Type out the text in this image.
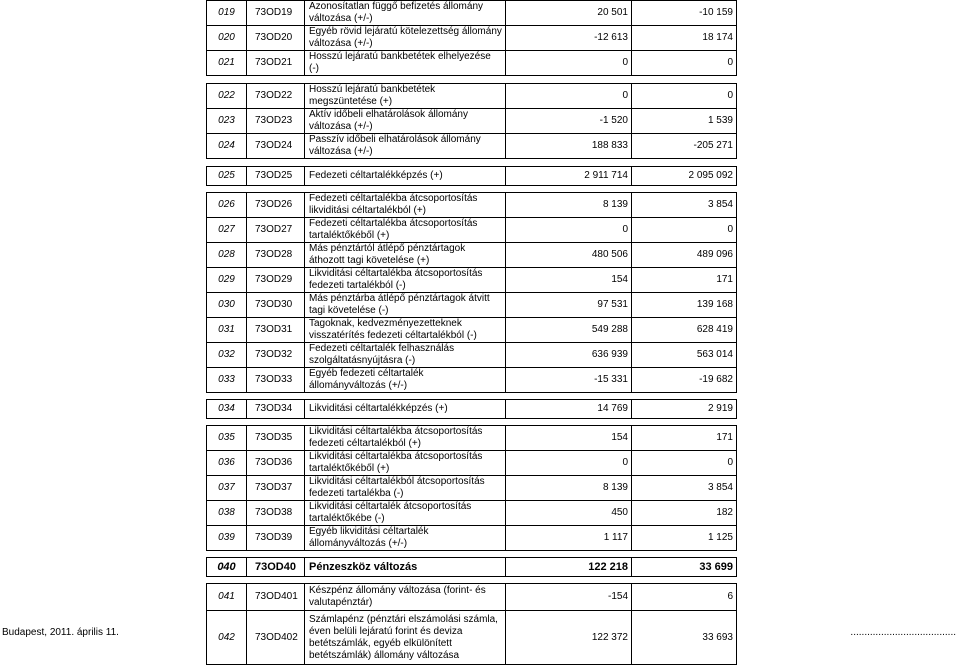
019	73OD19	Azonosítatlan függő befizetés állomány változása (+/-)	20 501	-10 159
020	73OD20	Egyéb rövid lejáratú kötelezettség állomány változása (+/-)	-12 613	18 174
021	73OD21	Hosszú lejáratú bankbetétek elhelyezése (-)	0	0

022	73OD22	Hosszú lejáratú bankbetétek megszüntetése (+)	0	0
023	73OD23	Aktív időbeli elhatárolások állomány változása (+/-)	-1 520	1 539
024	73OD24	Passzív időbeli elhatárolások állomány változása (+/-)	188 833	-205 271

025	73OD25	Fedezeti céltartalékképzés (+)	2 911 714	2 095 092

026	73OD26	Fedezeti céltartalékba átcsoportosítás likviditási céltartalékból (+)	8 139	3 854
027	73OD27	Fedezeti céltartalékba átcsoportosítás tartaléktőkéből (+)	0	0
028	73OD28	Más pénztártól átlépő pénztártagok áthozott tagi követelése (+)	480 506	489 096
029	73OD29	Likviditási céltartalékba átcsoportosítás fedezeti tartalékból (-)	154	171
030	73OD30	Más pénztárba átlépő pénztártagok átvitt tagi követelése (-)	97 531	139 168
031	73OD31	Tagoknak, kedvezményezetteknek visszatérítés fedezeti céltartalékból (-)	549 288	628 419
032	73OD32	Fedezeti céltartalék felhasználás szolgáltatásnyújtásra (-)	636 939	563 014
033	73OD33	Egyéb fedezeti céltartalék állományváltozás (+/-)	-15 331	-19 682

034	73OD34	Likviditási céltartalékképzés (+)	14 769	2 919

035	73OD35	Likviditási céltartalékba átcsoportosítás fedezeti céltartalékból (+)	154	171
036	73OD36	Likviditási céltartalékba átcsoportosítás tartaléktőkéből (+)	0	0
037	73OD37	Likviditási céltartalékból átcsoportosítás fedezeti tartalékba (-)	8 139	3 854
038	73OD38	Likviditási céltartalék átcsoportosítás tartaléktőkébe (-)	450	182
039	73OD39	Egyéb likviditási céltartalék állományváltozás (+/-)	1 117	1 125

040	73OD40	Pénzeszköz változás	122 218	33 699

041	73OD401	Készpénz állomány változása (forint- és valutapénztár)	-154	6
042	73OD402	Számlapénz (pénztári elszámolási számla, éven belüli lejáratú forint és deviza betétszámlák, egyéb elkülönített betétszámlák) állomány változása	122 372	33 693
Budapest, 2011. április 11.	......................................
